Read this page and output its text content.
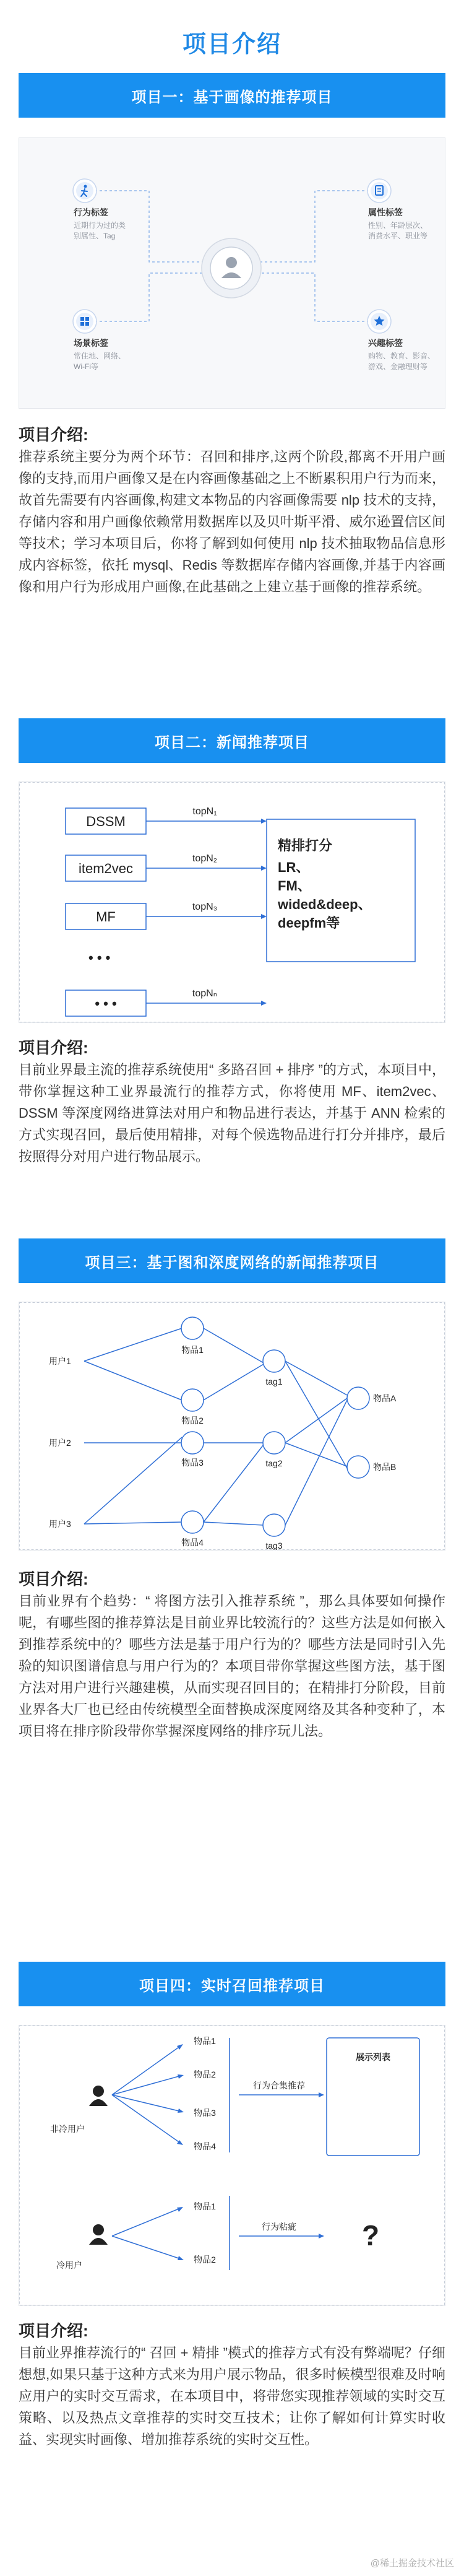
项目介绍
项目一：基于画像的推荐项目
行为标签
近期行为过的类
别属性、Tag
属性标签
性别、年龄层次、
消费水平、职业等
场景标签
常住地、网络、
Wi-Fi等
兴趣标签
购物、教育、影音、
游戏、金融理财等
项目介绍:
推荐系统主要分为两个环节：召回和排序,这两个阶段,都离不开用户画像的支持,而用户画像又是在内容画像基础之上不断累积用户行为而来，故首先需要有内容画像,构建文本物品的内容画像需要 nlp 技术的支持，存储内容和用户画像依赖常用数据库以及贝叶斯平滑、威尔逊置信区间等技术；学习本项目后，你将了解到如何使用 nlp 技术抽取物品信息形成内容标签，依托 mysql、Redis 等数据库存储内容画像,并基于内容画像和用户行为形成用户画像,在此基础之上建立基于画像的推荐系统。
项目二：新闻推荐项目
DSSM
item2vec
MF
• • •
• • •
topN₁
topN₂
topN₃
topNₙ
精排打分
LR、
FM、
wided&deep、
deepfm等
项目介绍:
目前业界最主流的推荐系统使用“ 多路召回 + 排序 ”的方式，本项目中，带你掌握这种工业界最流行的推荐方式，你将使用 MF、item2vec、DSSM 等深度网络进算法对用户和物品进行表达，并基于 ANN 检索的方式实现召回，最后使用精排，对每个候选物品进行打分并排序，最后按照得分对用户进行物品展示。
项目三：基于图和深度网络的新闻推荐项目
用户1
用户2
用户3
物品1
物品2
物品3
物品4
tag1
tag2
tag3
物品A
物品B
项目介绍:
目前业界有个趋势：“ 将图方法引入推荐系统 ”，那么具体要如何操作呢，有哪些图的推荐算法是目前业界比较流行的？这些方法是如何嵌入到推荐系统中的？哪些方法是基于用户行为的？哪些方法是同时引入先验的知识图谱信息与用户行为的？本项目带你掌握这些图方法，基于图方法对用户进行兴趣建模，从而实现召回目的；在精排打分阶段，目前业界各大厂也已经由传统模型全面替换成深度网络及其各种变种了，本项目将在排序阶段带你掌握深度网络的排序玩儿法。
项目四：实时召回推荐项目
非冷用户
冷用户
物品1
物品2
物品3
物品4
物品1
物品2
行为合集推荐
行为粘疵
展示列表
?
项目介绍:
目前业界推荐流行的“ 召回 + 精排 ”模式的推荐方式有没有弊端呢？仔细想想,如果只基于这种方式来为用户展示物品，很多时候模型很难及时响应用户的实时交互需求，在本项目中，将带您实现推荐领域的实时交互策略、以及热点文章推荐的实时交互技术；让你了解如何计算实时收益、实现实时画像、增加推荐系统的实时交互性。
@稀土掘金技术社区
